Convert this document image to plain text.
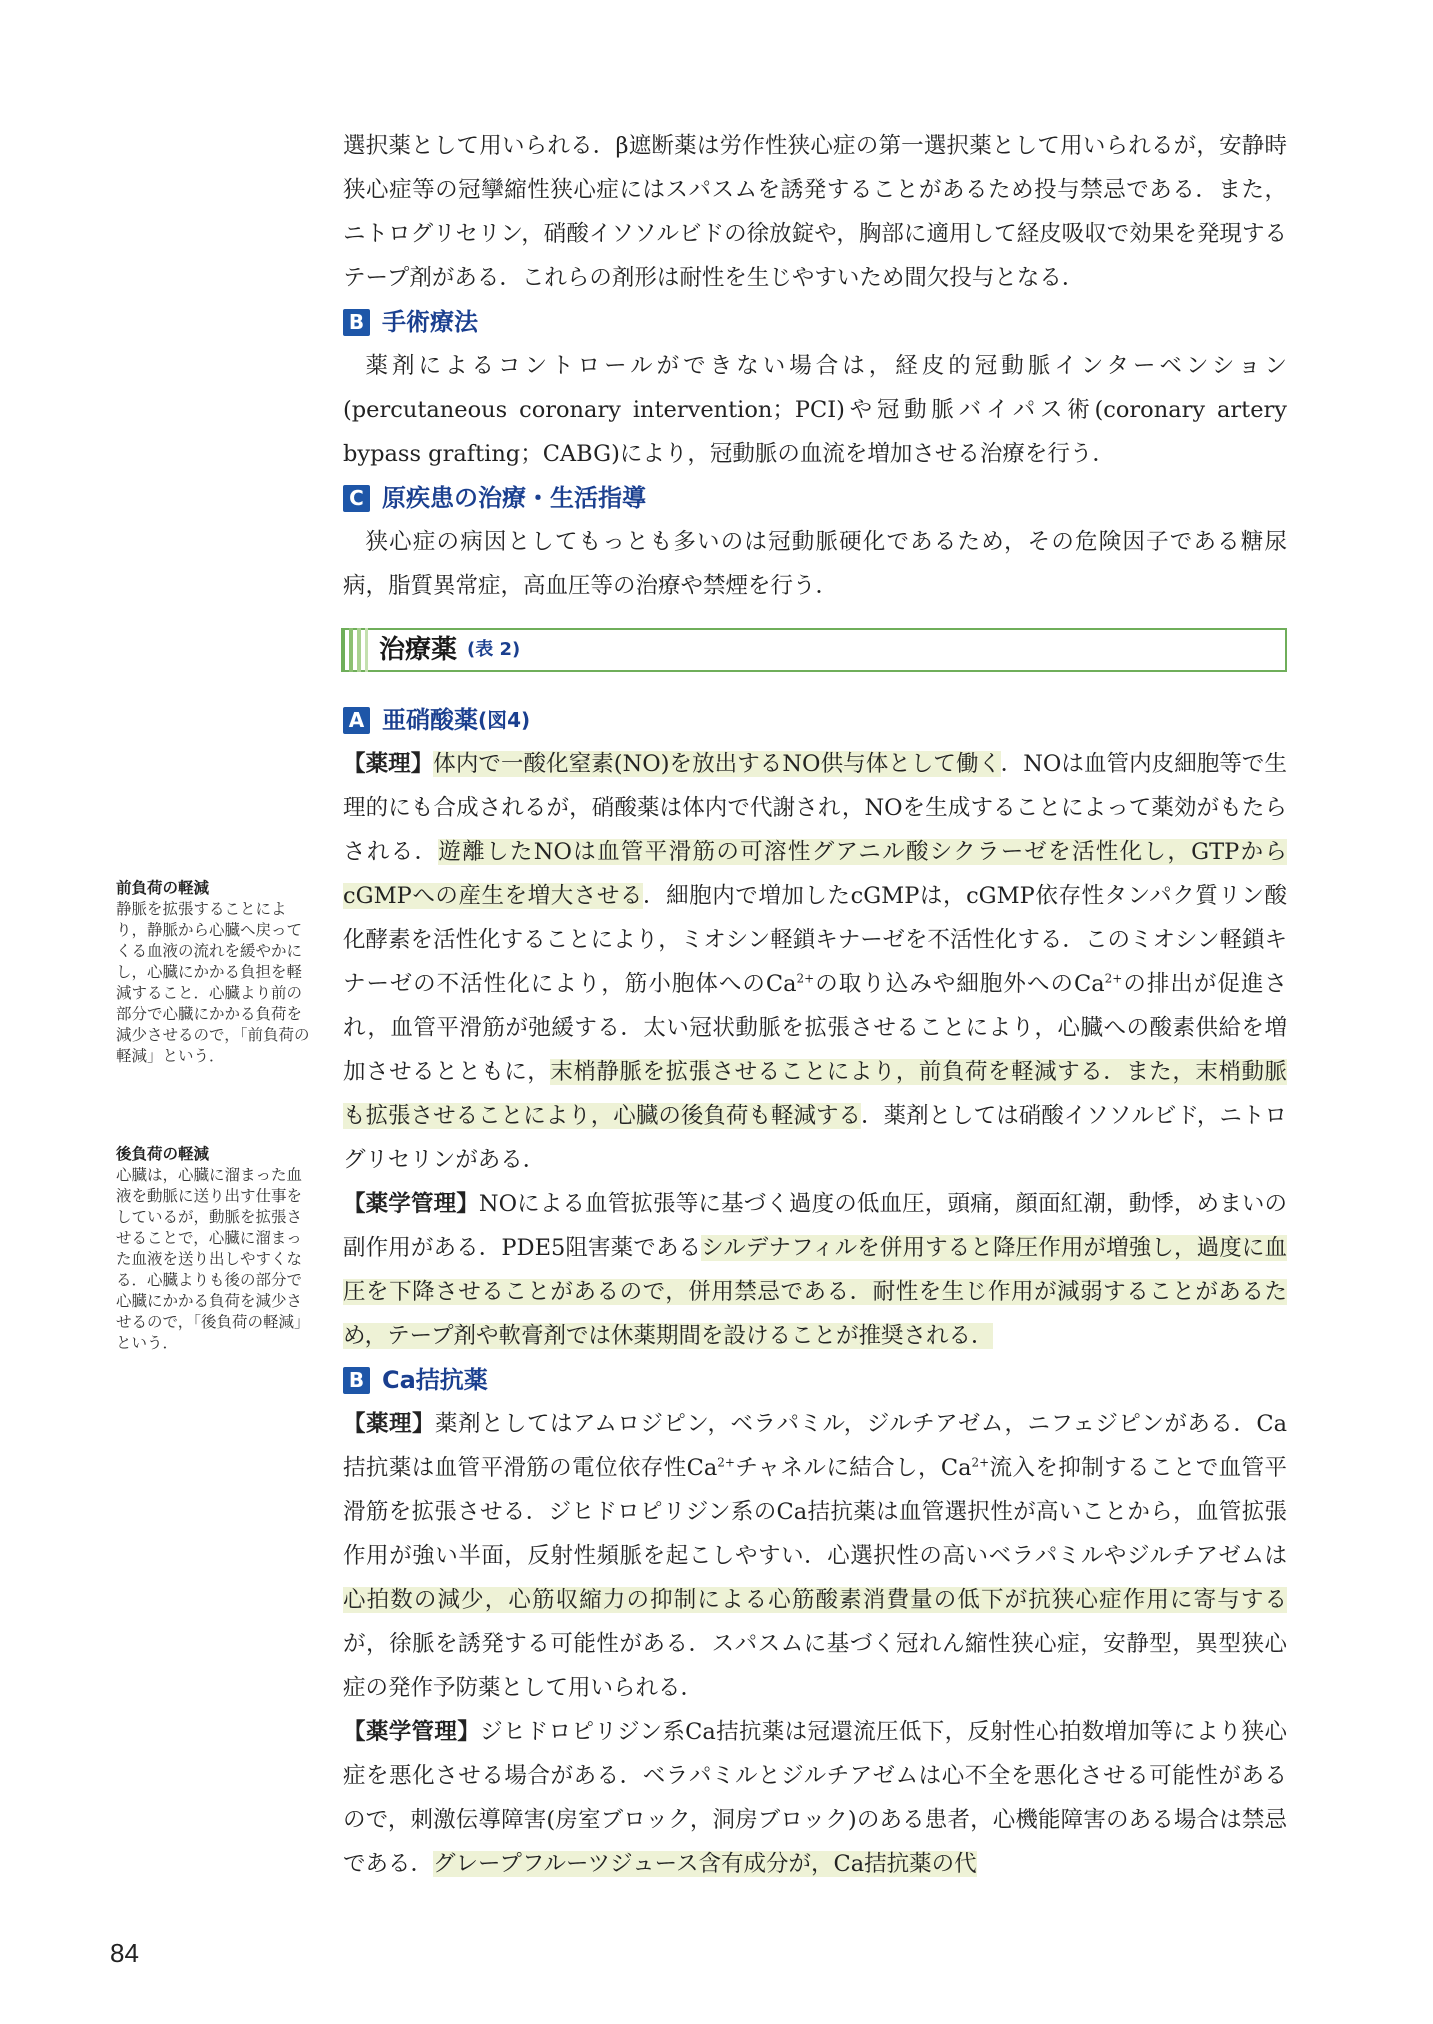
選択薬として用いられる．β遮断薬は労作性狭心症の第一選択薬として用いられるが，安静時狭心症等の冠攣縮性狭心症にはスパスムを誘発することがあるため投与禁忌である．また，ニトログリセリン，硝酸イソソルビドの徐放錠や，胸部に適用して経皮吸収で効果を発現するテープ剤がある．これらの剤形は耐性を生じやすいため間欠投与となる．

B 手術療法

薬剤によるコントロールができない場合は，経皮的冠動脈インターベンション(percutaneous coronary intervention；PCI)や冠動脈バイパス術(coronary artery bypass grafting；CABG)により，冠動脈の血流を増加させる治療を行う．

C 原疾患の治療・生活指導

狭心症の病因としてもっとも多いのは冠動脈硬化であるため，その危険因子である糖尿病，脂質異常症，高血圧等の治療や禁煙を行う．

治療薬 (表 2)
A 亜硝酸薬 (図4)

【薬理】体内で一酸化窒素(NO)を放出するNO供与体として働く．NOは血管内皮細胞等で生理的にも合成されるが，硝酸薬は体内で代謝され，NOを生成することによって薬効がもたらされる．遊離したNOは血管平滑筋の可溶性グアニル酸シクラーゼを活性化し，GTPからcGMPへの産生を増大させる．細胞内で増加したcGMPは，cGMP依存性タンパク質リン酸化酵素を活性化することにより，ミオシン軽鎖キナーゼを不活性化する．このミオシン軽鎖キナーゼの不活性化により，筋小胞体への$Ca^{2+}$の取り込みや細胞外への$Ca^{2+}$の排出が促進され，血管平滑筋が弛緩する．太い冠状動脈を拡張させることにより，心臓への酸素供給を増加させるとともに，末梢静脈を拡張させることにより，前負荷を軽減する．また，末梢動脈も拡張させることにより，心臓の後負荷も軽減する．薬剤としては硝酸イソソルビド，ニトログリセリンがある．

【薬学管理】NOによる血管拡張等に基づく過度の低血圧，頭痛，顔面紅潮，動悸，めまいの副作用がある．PDE5阻害薬であるシルデナフィルを併用すると降圧作用が増強し，過度に血圧を下降させることがあるので，併用禁忌である．耐性を生じ作用が減弱することがあるため，テープ剤や軟膏剤では休薬期間を設けることが推奨される．

B Ca拮抗薬

【薬理】薬剤としてはアムロジピン，ベラパミル，ジルチアゼム，ニフェジピンがある．Ca拮抗薬は血管平滑筋の電位依存性$Ca^{2+}$チャネルに結合し，$Ca^{2+}$流入を抑制することで血管平滑筋を拡張させる．ジヒドロピリジン系のCa拮抗薬は血管選択性が高いことから，血管拡張作用が強い半面，反射性頻脈を起こしやすい．心選択性の高いベラパミルやジルチアゼムは心拍数の減少，心筋収縮力の抑制による心筋酸素消費量の低下が抗狭心症作用に寄与するが，徐脈を誘発する可能性がある．スパスムに基づく冠れん縮性狭心症，安静型，異型狭心症の発作予防薬として用いられる．

【薬学管理】ジヒドロピリジン系Ca拮抗薬は冠還流圧低下，反射性心拍数増加等により狭心症を悪化させる場合がある．ベラパミルとジルチアゼムは心不全を悪化させる可能性があるので，刺激伝導障害(房室ブロック，洞房ブロック)のある患者，心機能障害のある場合は禁忌である．グレープフルーツジュース含有成分が，Ca拮抗薬の代

前負荷の軽減
静脈を拡張することにより，静脈から心臓へ戻ってくる血液の流れを緩やかにし，心臓にかかる負担を軽減すること．心臓より前の部分で心臓にかかる負荷を減少させるので，「前負荷の軽減」という．
後負荷の軽減
心臓は，心臓に溜まった血液を動脈に送り出す仕事をしているが，動脈を拡張させることで，心臓に溜まった血液を送り出しやすくなる．心臓よりも後の部分で心臓にかかる負荷を減少させるので，「後負荷の軽減」という．
84
